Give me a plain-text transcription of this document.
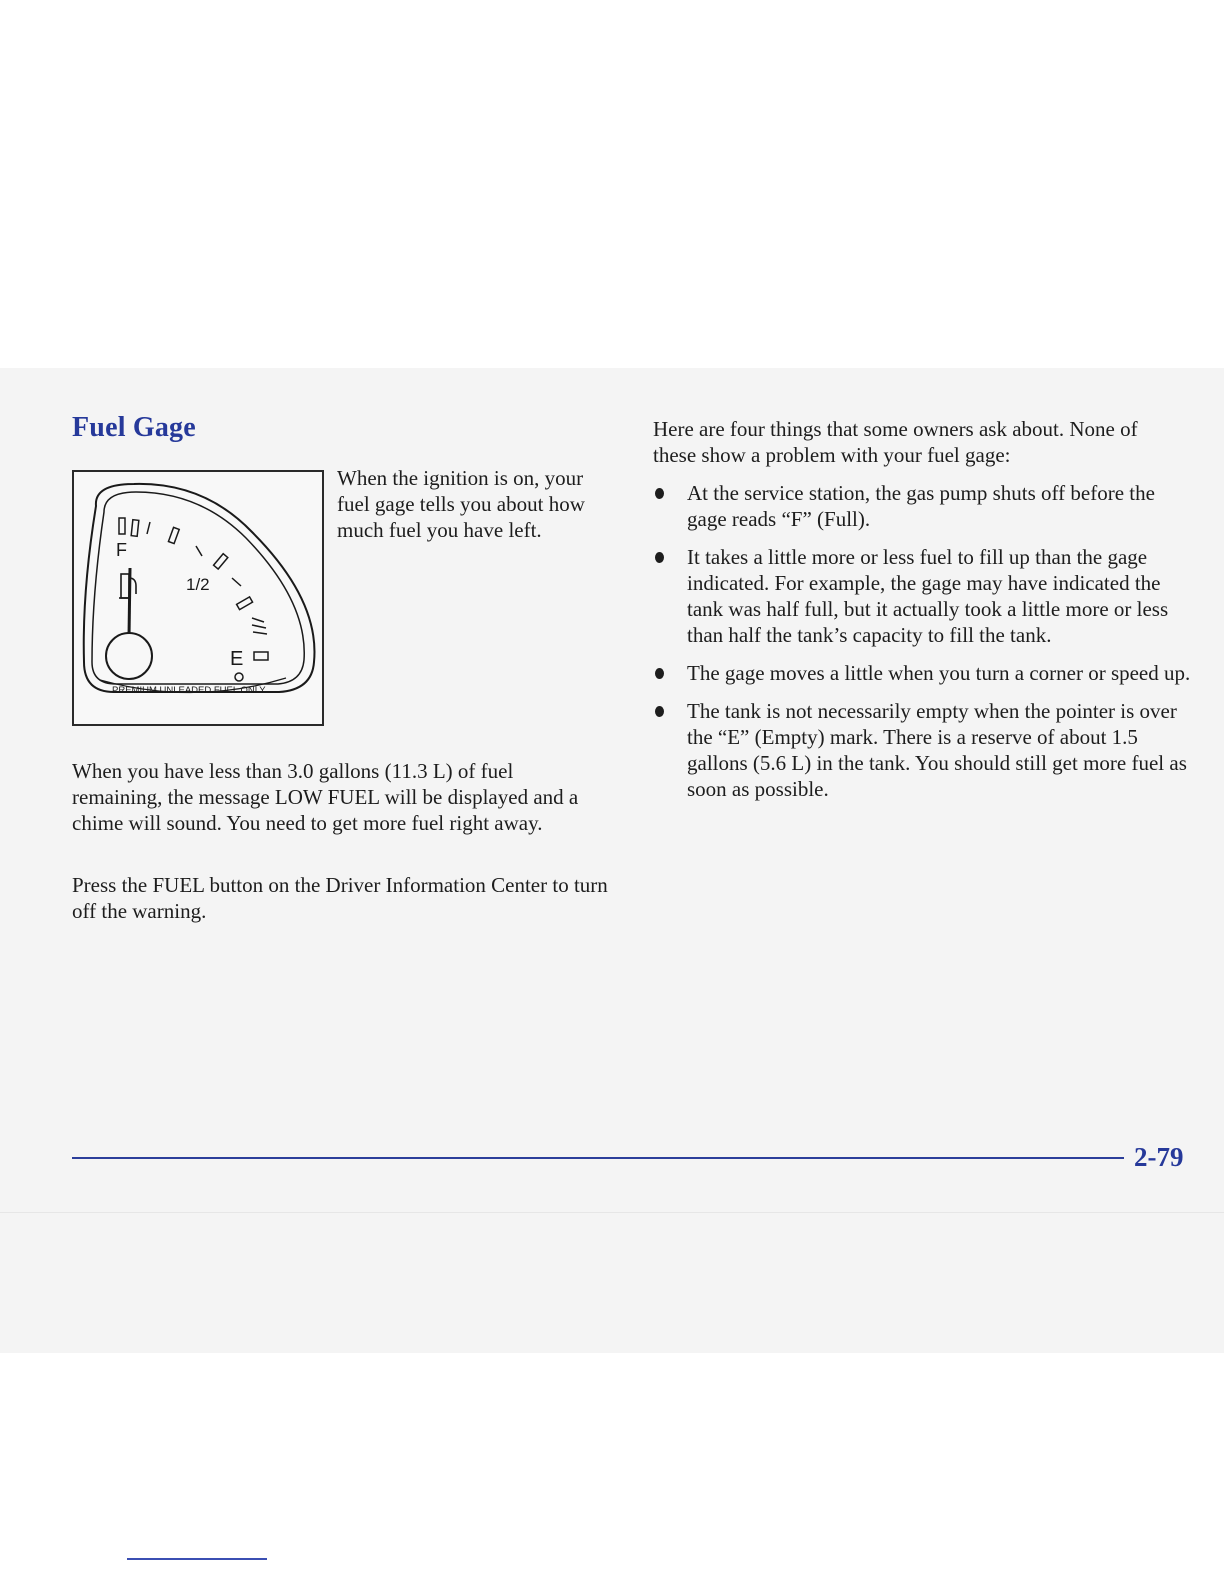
Fuel Gage
F
1/2
E
PREMIUM UNLEADED FUEL ONLY

When the ignition is on, your fuel gage tells you about how much fuel you have left.

When you have less than 3.0 gallons (11.3 L) of fuel remaining, the message LOW FUEL will be displayed and a chime will sound. You need to get more fuel right away.

Press the FUEL button on the Driver Information Center to turn off the warning.

Here are four things that some owners ask about. None of these show a problem with your fuel gage:

At the service station, the gas pump shuts off before the gage reads “F” (Full).
It takes a little more or less fuel to fill up than the gage indicated. For example, the gage may have indicated the tank was half full, but it actually took a little more or less than half the tank’s capacity to fill the tank.
The gage moves a little when you turn a corner or speed up.
The tank is not necessarily empty when the pointer is over the “E” (Empty) mark. There is a reserve of about 1.5 gallons (5.6 L) in the tank. You should still get more fuel as soon as possible.
2-79
